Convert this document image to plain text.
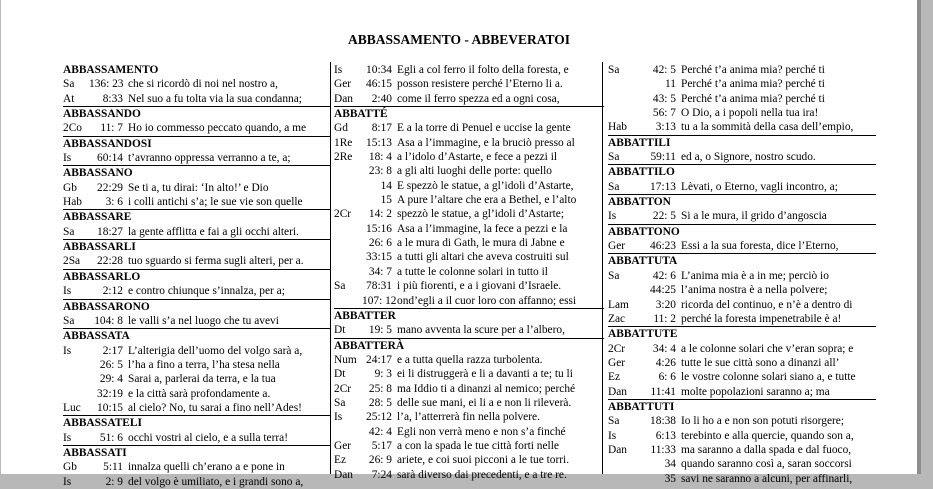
ABBASSAMENTO - ABBEVERATOI
ABBASSAMENTO
Sa	136: 23 che si ricordò di noi nel nostro a,
At	8:33 Nel suo a fu tolta via la sua condanna;
ABBASSANDO
2Co	11: 7 Ho io commesso peccato quando, a me
ABBASSANDOSI
Is	60:14 t’avranno oppressa verranno a te, a;
ABBASSANO
Gb	22:29 Se ti a, tu dirai: ‘In alto!’ e Dio
Hab	3: 6 i colli antichi s’a; le sue vie son quelle
ABBASSARE
Sa	18:27 la gente afflitta e fai a gli occhi alteri.
ABBASSARLI
2Sa	22:28 tuo sguardo si ferma sugli alteri, per a.
ABBASSARLO
Is	2:12 e contro chiunque s’innalza, per a;
ABBASSARONO
Sa	104: 8 le valli s’a nel luogo che tu avevi
ABBASSATA
Is	2:17 L’alterigia dell’uomo del volgo sarà a,
26: 5 l’ha a fino a terra, l’ha stesa nella
29: 4 Sarai a, parlerai da terra, e la tua
32:19 e la città sarà profondamente a.
Luc	10:15 al cielo? No, tu sarai a fino nell’Ades!
ABBASSATELI
Is	51: 6 occhi vostri al cielo, e a sulla terra!
ABBASSATI
Gb	5:11 innalza quelli ch’erano a e pone in
Is	2: 9 del volgo è umiliato, e i grandi sono a,
Is	10:34 Egli a col ferro il folto della foresta, e
Ger	46:15 posson resistere perché l’Eterno li a.
Dan	2:40 come il ferro spezza ed a ogni cosa,
ABBATTÉ
Gd	8:17 E a la torre di Penuel e uccise la gente
1Re	15:13 Asa a l’immagine, e la bruciò presso al
2Re	18: 4 a l’idolo d’Astarte, e fece a pezzi il
23: 8 a gli alti luoghi delle porte: quello
14 E spezzò le statue, a gl’idoli d’Astarte,
15 A pure l’altare che era a Bethel, e l’alto
2Cr	14: 2 spezzò le statue, a gl’idoli d’Astarte;
15:16 Asa a l’immagine, la fece a pezzi e la
26: 6 a le mura di Gath, le mura di Jabne e
33:15 a tutti gli altari che aveva costruiti sul
34: 7 a tutte le colonne solari in tutto il
Sa	78:31 i più fiorenti, e a i giovani d’Israele.
107: 12 ond’egli a il cuor loro con affanno; essi
ABBATTER
Dt	19: 5 mano avventa la scure per a l’albero,
ABBATTERÀ
Num 24:17 e a tutta quella razza turbolenta.
Dt	9: 3 ei li distruggerà e li a davanti a te; tu li
2Cr	25: 8 ma Iddio ti a dinanzi al nemico; perché
Sa	28: 5 delle sue mani, ei li a e non li rileverà.
Is	25:12 l’a, l’atterrerà fin nella polvere.
42: 4 Egli non verrà meno e non s’a finché
Ger	5:17 a con la spada le tue città forti nelle
Ez	26: 9 ariete, e coi suoi picconi a le tue torri.
Dan	7:24 sarà diverso dai precedenti, e a tre re.
Sa	42: 5 Perché t’a anima mia? perché ti
11 Perché t’a anima mia? perché ti
43: 5 Perché t’a anima mia? perché ti
56: 7 O Dio, a i popoli nella tua ira!
Hab	3:13 tu a la sommità della casa dell’empio,
ABBATTILI
Sa	59:11 ed a, o Signore, nostro scudo.
ABBATTILO
Sa	17:13 Lèvati, o Eterno, vagli incontro, a;
ABBATTON
Is	22: 5 Si a le mura, il grido d’angoscia
ABBATTONO
Ger	46:23 Essi a la sua foresta, dice l’Eterno,
ABBATTUTA
Sa	42: 6 L’anima mia è a in me; perciò io
44:25 l’anima nostra è a nella polvere;
Lam	3:20 ricorda del continuo, e n’è a dentro di
Zac	11: 2 perché la foresta impenetrabile è a!
ABBATTUTE
2Cr	34: 4 a le colonne solari che v’eran sopra; e
Ger	4:26 tutte le sue città sono a dinanzi all’
Ez	6: 6 le vostre colonne solari siano a, e tutte
Dan	11:41 molte popolazioni saranno a; ma
ABBATTUTI
Sa	18:38 Io li ho a e non son potuti risorgere;
Is	6:13 terebinto e alla quercie, quando son a,
Dan	11:33 ma saranno a dalla spada e dal fuoco,
34 quando saranno così a, saran soccorsi
35 savi ne saranno a alcuni, per affinarli,
